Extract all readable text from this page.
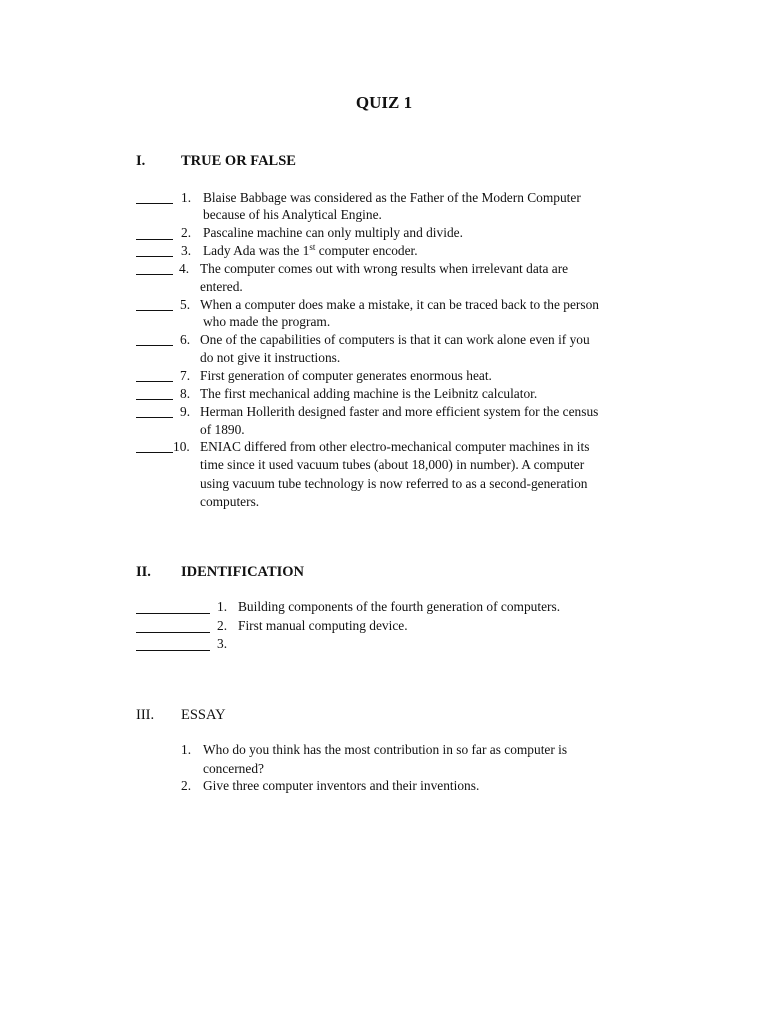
QUIZ 1
I. TRUE OR FALSE
1. Blaise Babbage was considered as the Father of the Modern Computer
because of his Analytical Engine.
2. Pascaline machine can only multiply and divide.
3. Lady Ada was the 1st computer encoder.
4. The computer comes out with wrong results when irrelevant data are
entered.
5. When a computer does make a mistake, it can be traced back to the person
who made the program.
6. One of the capabilities of computers is that it can work alone even if you
do not give it instructions.
7. First generation of computer generates enormous heat.
8. The first mechanical adding machine is the Leibnitz calculator.
9. Herman Hollerith designed faster and more efficient system for the census
of 1890.
10. ENIAC differed from other electro-mechanical computer machines in its
time since it used vacuum tubes (about 18,000) in number). A computer
using vacuum tube technology is now referred to as a second-generation
computers.
II. IDENTIFICATION
1. Building components of the fourth generation of computers.
2. First manual computing device.
3.
III. ESSAY
1. Who do you think has the most contribution in so far as computer is
concerned?
2. Give three computer inventors and their inventions.
